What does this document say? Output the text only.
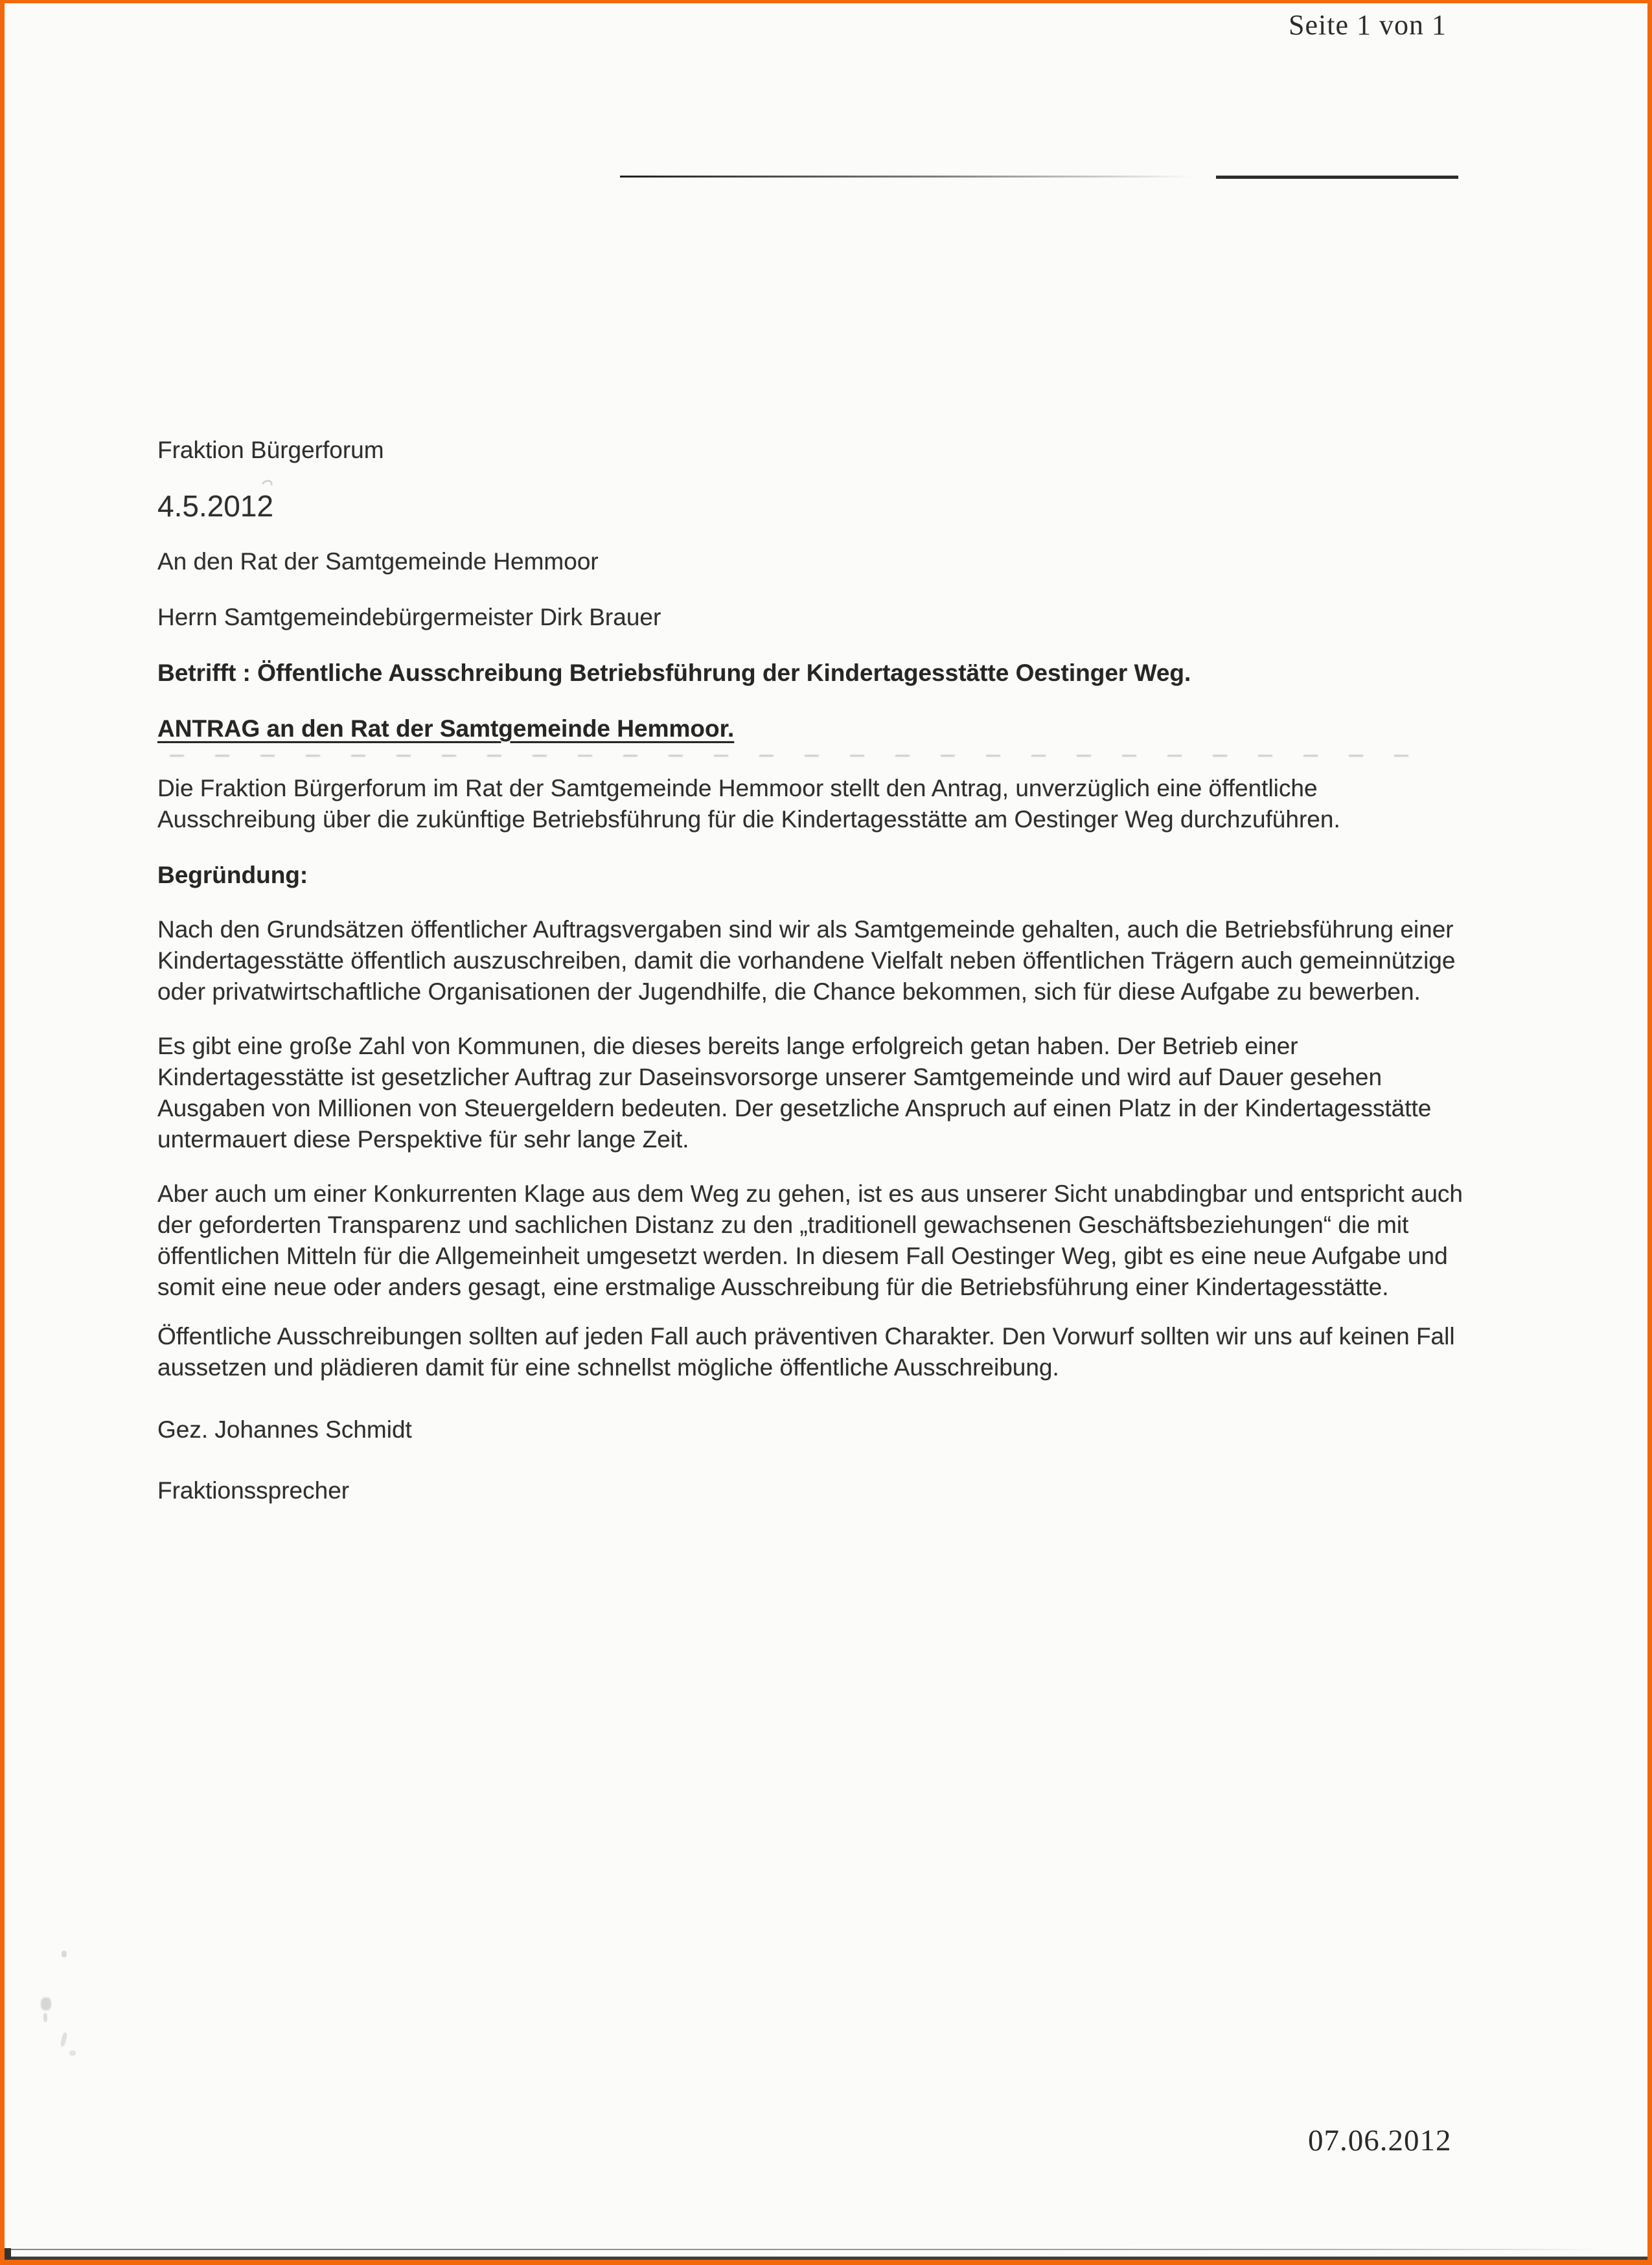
Seite 1 von 1
Fraktion Bürgerforum
4.5.2012
An den Rat der Samtgemeinde Hemmoor
Herrn Samtgemeindebürgermeister Dirk Brauer
Betrifft : Öffentliche Ausschreibung Betriebsführung der Kindertagesstätte Oestinger Weg.
ANTRAG an den Rat der Samtgemeinde Hemmoor.
Die Fraktion Bürgerforum im Rat der Samtgemeinde Hemmoor stellt den Antrag, unverzüglich eine öffentliche Ausschreibung über die zukünftige Betriebsführung für die Kindertagesstätte am Oestinger Weg durchzuführen.
Begründung:
Nach den Grundsätzen öffentlicher Auftragsvergaben sind wir als Samtgemeinde gehalten, auch die Betriebsführung einer Kindertagesstätte öffentlich auszuschreiben, damit die vorhandene Vielfalt neben öffentlichen Trägern auch gemeinnützige oder privatwirtschaftliche Organisationen der Jugendhilfe, die Chance bekommen, sich für diese Aufgabe zu bewerben.
Es gibt eine große Zahl von Kommunen, die dieses bereits lange erfolgreich getan haben. Der Betrieb einer Kindertagesstätte ist gesetzlicher Auftrag zur Daseinsvorsorge unserer Samtgemeinde und wird auf Dauer gesehen Ausgaben von Millionen von Steuergeldern bedeuten. Der gesetzliche Anspruch auf einen Platz in der Kindertagesstätte untermauert diese Perspektive für sehr lange Zeit.
Aber auch um einer Konkurrenten Klage aus dem Weg zu gehen, ist es aus unserer Sicht unabdingbar und entspricht auch der geforderten Transparenz und sachlichen Distanz zu den „traditionell gewachsenen Geschäftsbeziehungen“ die mit öffentlichen Mitteln für die Allgemeinheit umgesetzt werden. In diesem Fall Oestinger Weg, gibt es eine neue Aufgabe und somit eine neue oder anders gesagt, eine erstmalige Ausschreibung für die Betriebsführung einer Kindertagesstätte.
Öffentliche Ausschreibungen sollten auf jeden Fall auch präventiven Charakter. Den Vorwurf sollten wir uns auf keinen Fall aussetzen und plädieren damit für eine schnellst mögliche öffentliche Ausschreibung.
Gez. Johannes Schmidt
Fraktionssprecher
07.06.2012
